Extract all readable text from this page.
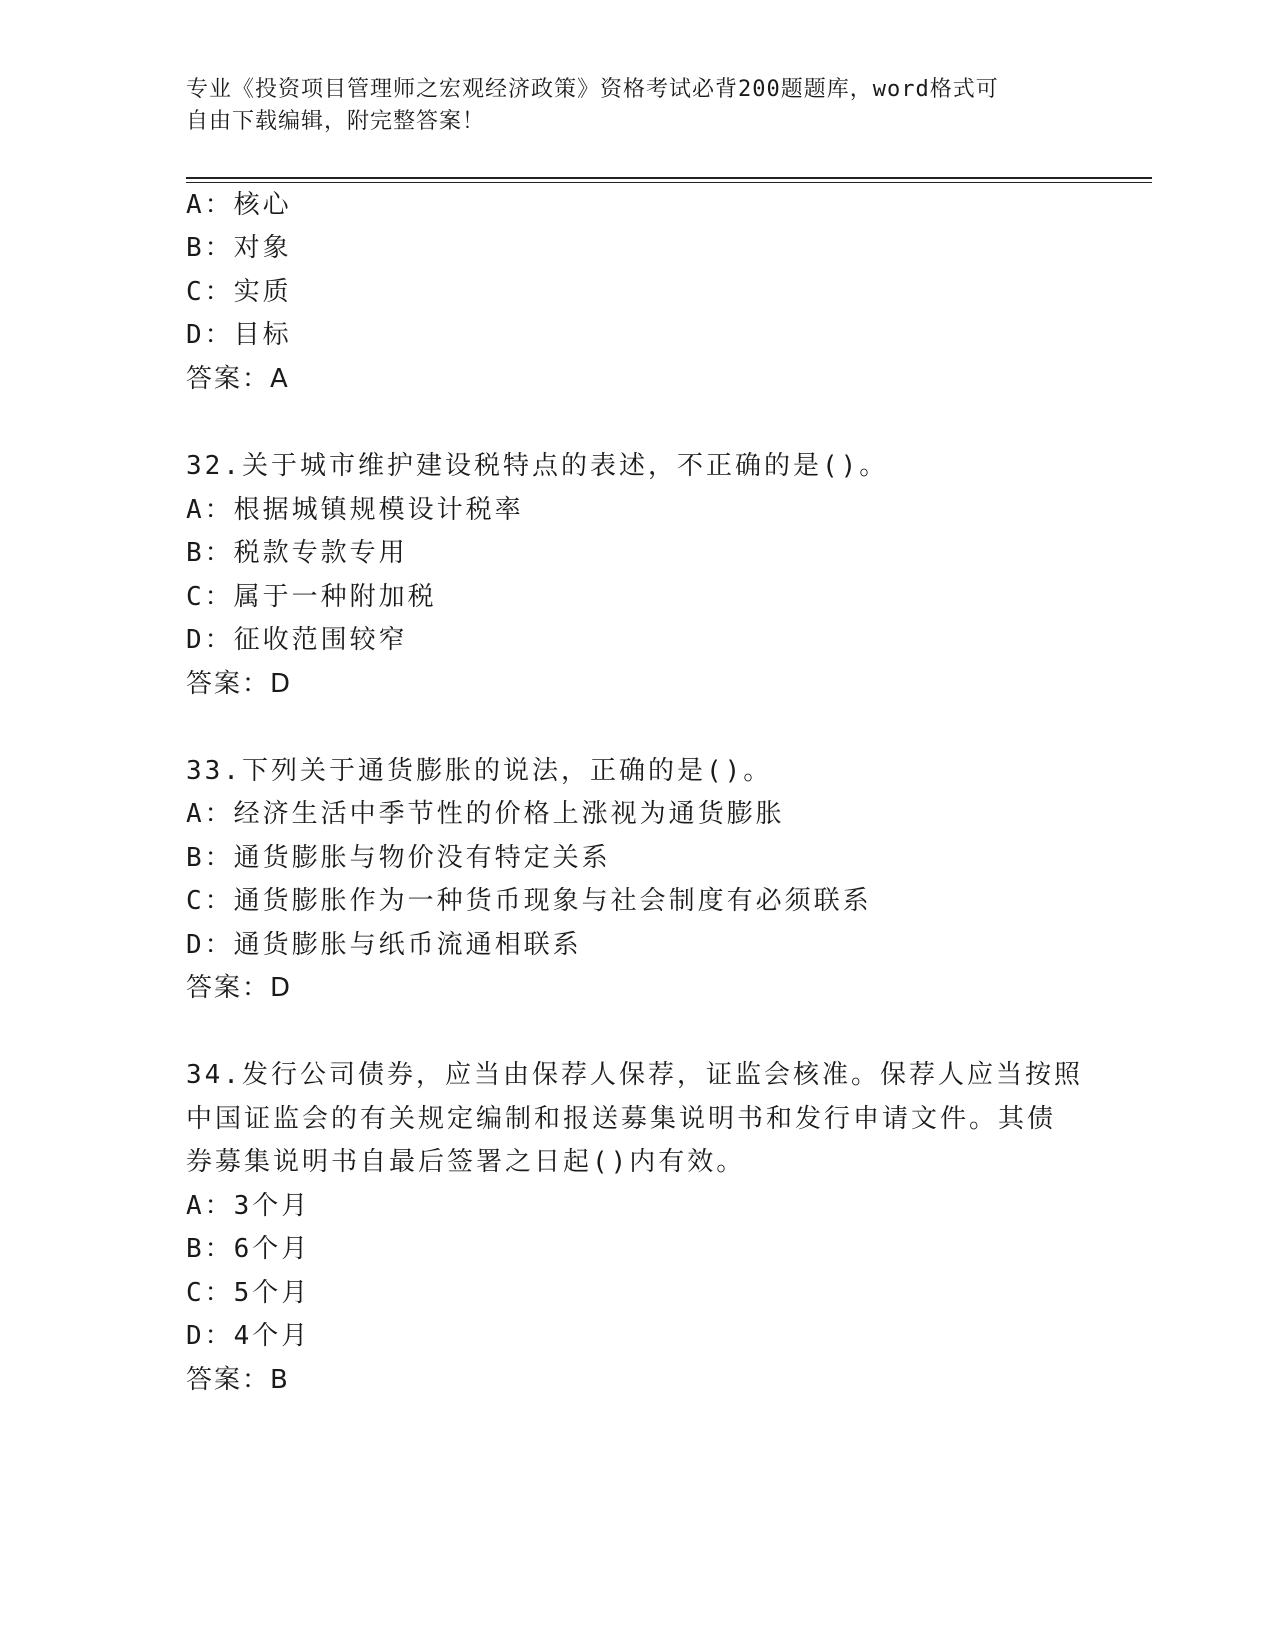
专业《投资项目管理师之宏观经济政策》资格考试必背200题题库，word格式可
自由下载编辑，附完整答案！
A：核心
B：对象
C：实质
D：目标
答案：A
32.关于城市维护建设税特点的表述，不正确的是()。
A：根据城镇规模设计税率
B：税款专款专用
C：属于一种附加税
D：征收范围较窄
答案：D
33.下列关于通货膨胀的说法，正确的是()。
A：经济生活中季节性的价格上涨视为通货膨胀
B：通货膨胀与物价没有特定关系
C：通货膨胀作为一种货币现象与社会制度有必须联系
D：通货膨胀与纸币流通相联系
答案：D
34.发行公司债券，应当由保荐人保荐，证监会核准。保荐人应当按照
中国证监会的有关规定编制和报送募集说明书和发行申请文件。其债
券募集说明书自最后签署之日起()内有效。
A：3个月
B：6个月
C：5个月
D：4个月
答案：B
